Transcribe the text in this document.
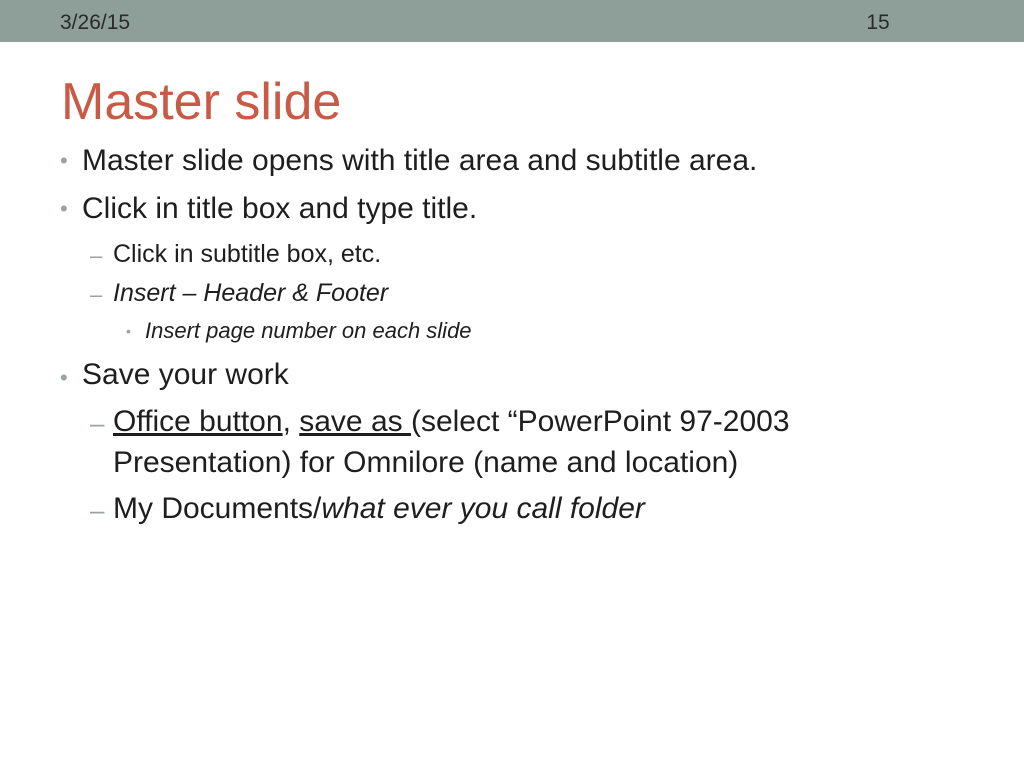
3/26/15	15
Master slide
• Master slide opens with title area and subtitle area.
• Click in title box and type title.
– Click in subtitle box, etc.
– Insert – Header & Footer
• Insert page number on each slide
• Save your work
– Office button, save as (select “PowerPoint 97-2003
Presentation) for Omnilore (name and location)
– My Documents/what ever you call folder
